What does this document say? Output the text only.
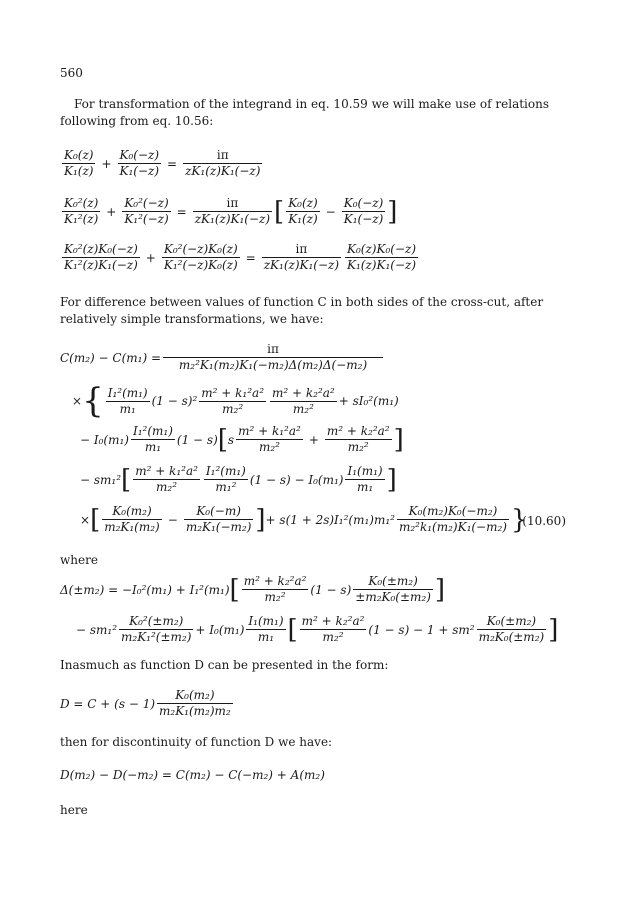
560

For transformation of the integrand in eq. 10.59 we will make use of relations following from eq. 10.56:

$\frac{\text{K₀(z)}}{\text{K₁(z)}} + \frac{\text{K₀(−z)}}{\text{K₁(−z)}} = \frac{i\pi}{\text{zK₁(z)K₁(−z)}}$
$\frac{\text{K₀²(z)}}{\text{K₁²(z)}} + \frac{\text{K₀²(−z)}}{\text{K₁²(−z)}} = \frac{i\pi}{\text{zK₁(z)K₁(−z)}}$ [ $\frac{\text{K₀(z)}}{\text{K₁(z)}} - \frac{\text{K₀(−z)}}{\text{K₁(−z)}}$ ]
$\frac{\text{K₀²(z)K₀(−z)}}{\text{K₁²(z)K₁(−z)}} + \frac{\text{K₀²(−z)K₀(z)}}{\text{K₁²(−z)K₀(z)}} = \frac{i\pi}{\text{zK₁(z)K₁(−z)}} \frac{\text{K₀(z)K₀(−z)}}{\text{K₁(z)K₁(−z)}}$

For difference between values of function C in both sides of the cross-cut, after relatively simple transformations, we have:

$C(m_2) - C(m_1) = \frac{i\pi}{\text{m₂²K₁(m₂)K₁(−m₂)Δ(m₂)Δ(−m₂)}}$
× { $\frac{\text{I₁²(m₁)}}{\text{m₁}} (1 - s)^2 \frac{\text{m² + k₁²a²}}{\text{m₂²}} \frac{\text{m² + k₂²a²}}{\text{m₂²}} + sI_0^2(m_1)$
− $I_0(m_1) \frac{\text{I₁²(m₁)}}{\text{m₁}} (1 - s)$ [ s $\frac{\text{m² + k₁²a²}}{\text{m₂²}} + \frac{\text{m² + k₂²a²}}{\text{m₂²}}$ ]
− sm₁² [ $\frac{\text{m² + k₁²a²}}{\text{m₂²}} \frac{\text{I₁²(m₁)}}{\text{m₁²}} (1 - s) - I_0(m_1) \frac{\text{I₁(m₁)}}{\text{m₁}}$ ]
× [ $\frac{\text{K₀(m₂)}}{\text{m₂K₁(m₂)}} - \frac{\text{K₀(−m)}}{\text{m₂K₁(−m₂)}}$ ] + $s(1 + 2s)I_1^2(m_1)m_1^2 \frac{\text{K₀(m₂)K₀(−m₂)}}{\text{m₂²k₁(m₂)K₁(−m₂)}}$ }
(10.60)
where
Δ(±m₂) = −I₀²(m₁) + I₁²(m₁) [ $\frac{\text{m² + k₂²a²}}{\text{m₂²}} (1 - s) \frac{\text{K₀(±m₂)}}{\text{±m₂K₀(±m₂)}}$ ]
− $sm_1^2 \frac{\text{K₀²(±m₂)}}{\text{m₂K₁²(±m₂)}} + I_0(m_1) \frac{\text{I₁(m₁)}}{\text{m₁}}$ [ $\frac{\text{m² + k₂²a²}}{\text{m₂²}} (1 - s) - 1 + sm^2 \frac{\text{K₀(±m₂)}}{\text{m₂K₀(±m₂)}}$ ]

Inasmuch as function D can be presented in the form:

$D = C + (s - 1) \frac{\text{K₀(m₂)}}{\text{m₂K₁(m₂)m₂}}$

then for discontinuity of function D we have:

D(m₂) − D(−m₂) = C(m₂) − C(−m₂) + A(m₂)
here
